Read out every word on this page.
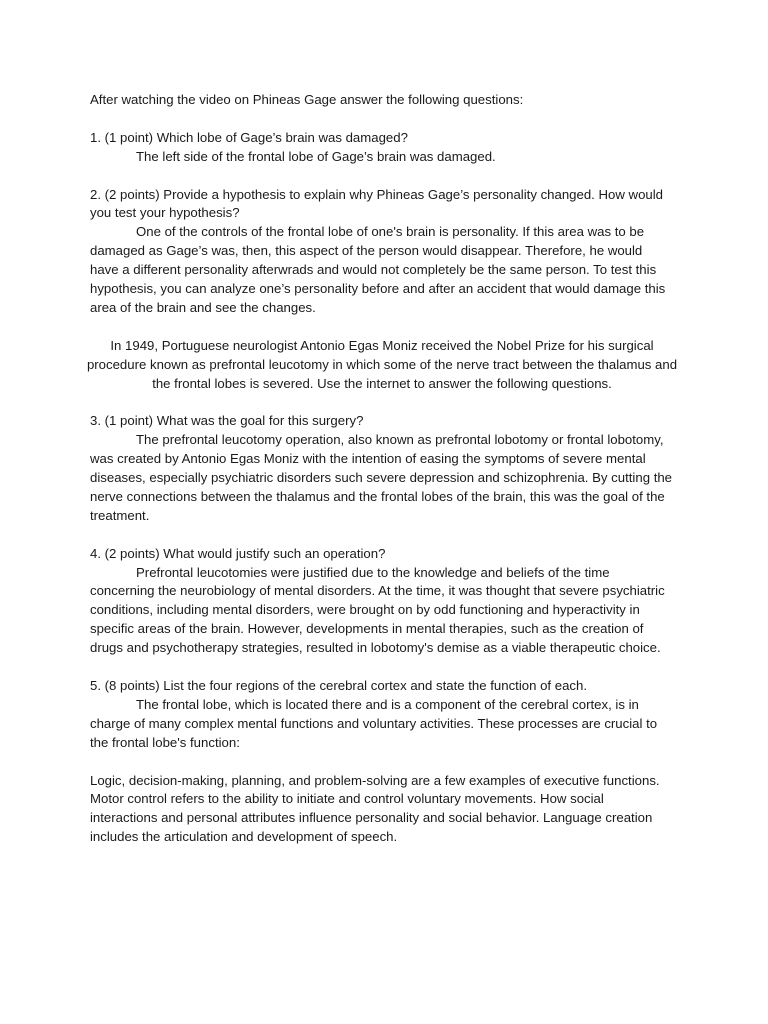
After watching the video on Phineas Gage answer the following questions:

1. (1 point) Which lobe of Gage’s brain was damaged?

The left side of the frontal lobe of Gage’s brain was damaged.

2. (2 points) Provide a hypothesis to explain why Phineas Gage’s personality changed. How would you test your hypothesis?

One of the controls of the frontal lobe of one's brain is personality. If this area was to be damaged as Gage’s was, then, this aspect of the person would disappear. Therefore, he would have a different personality afterwrads and would not completely be the same person. To test this hypothesis, you can analyze one’s personality before and after an accident that would damage this area of the brain and see the changes.

In 1949, Portuguese neurologist Antonio Egas Moniz received the Nobel Prize for his surgical procedure known as prefrontal leucotomy in which some of the nerve tract between the thalamus and the frontal lobes is severed. Use the internet to answer the following questions.

3. (1 point) What was the goal for this surgery?

The prefrontal leucotomy operation, also known as prefrontal lobotomy or frontal lobotomy, was created by Antonio Egas Moniz with the intention of easing the symptoms of severe mental diseases, especially psychiatric disorders such severe depression and schizophrenia. By cutting the nerve connections between the thalamus and the frontal lobes of the brain, this was the goal of the treatment.

4. (2 points) What would justify such an operation?

Prefrontal leucotomies were justified due to the knowledge and beliefs of the time concerning the neurobiology of mental disorders. At the time, it was thought that severe psychiatric conditions, including mental disorders, were brought on by odd functioning and hyperactivity in specific areas of the brain. However, developments in mental therapies, such as the creation of drugs and psychotherapy strategies, resulted in lobotomy's demise as a viable therapeutic choice.

5. (8 points) List the four regions of the cerebral cortex and state the function of each.

The frontal lobe, which is located there and is a component of the cerebral cortex, is in charge of many complex mental functions and voluntary activities. These processes are crucial to the frontal lobe's function:

Logic, decision-making, planning, and problem-solving are a few examples of executive functions. Motor control refers to the ability to initiate and control voluntary movements. How social interactions and personal attributes influence personality and social behavior. Language creation includes the articulation and development of speech.
